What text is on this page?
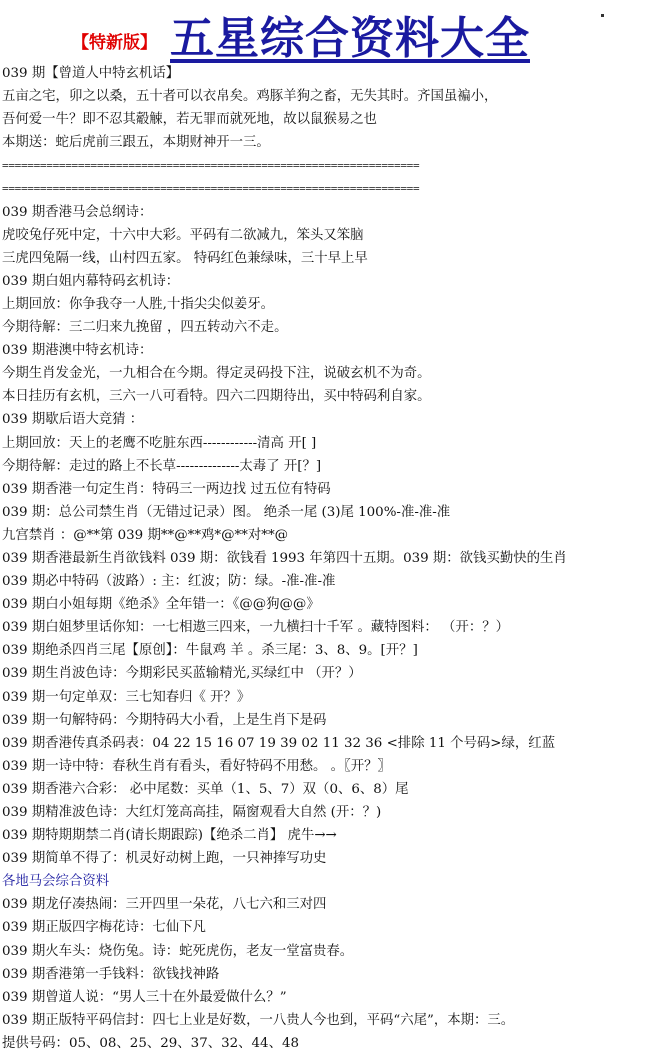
【特新版】 五星综合资料大全
039 期【曾道人中特玄机话】
五亩之宅，卯之以桑，五十者可以衣帛矣。鸡豚羊狗之畜，无失其时。齐国虽褊小，
吾何爱一牛？即不忍其觳觫，若无罪而就死地，故以鼠猴易之也
本期送：蛇后虎前三跟五，本期财神开一三。
==================================================================
==================================================================
039 期香港马会总纲诗：
虎咬兔仔死中定，十六中大彩。平码有二欲减九，笨头又笨脑
三虎四兔隔一线，山村四五家。 特码红色兼绿味，三十早上早
039 期白姐内幕特码玄机诗：
上期回放：你争我夺一人胜,十指尖尖似姜牙。
今期待解：三二归来九挽留 ，四五转动六不走。
039 期港澳中特玄机诗：
今期生肖发金光，一九相合在今期。得定灵码投下注，说破玄机不为奇。
本日挂历有玄机，三六一八可看特。四六二四期待出，买中特码利自家。
039 期歇后语大竞猜 ：
上期回放：天上的老鹰不吃脏东西------------清高 开[ ]
今期待解：走过的路上不长草--------------太毒了 开[？]
039 期香港一句定生肖：特码三一两边找 过五位有特码
039 期：总公司禁生肖（无错过记录）图。 绝杀一尾 (3)尾 100%-准-准-准
九宫禁肖 ：@**第 039 期**@**鸡*@**对**@
039 期香港最新生肖欲钱料 039 期：欲钱看 1993 年第四十五期。039 期：欲钱买勤快的生肖
039 期必中特码（波路）: 主：红波；防：绿。-准-准-准
039 期白小姐每期《绝杀》全年错一：《@@狗@@》
039 期白姐梦里话你知：一七相遨三四来，一九横扫十千军 。藏特图料： （开：？）
039 期绝杀四肖三尾【原创】：牛鼠鸡 羊 。杀三尾：3、8、9。[开？]
039 期生肖波色诗：今期彩民买蓝输精光,买绿红中 （开？）
039 期一句定单双：三七知春归《 开？》
039 期一句解特码：今期特码大小看，上是生肖下是码
039 期香港传真杀码表：04 22 15 16 07 19 39 02 11 32 36 <排除 11 个号码>绿，红蓝
039 期一诗中特：春秋生肖有看头，看好特码不用愁。 。〖开？〗
039 期香港六合彩： 必中尾数：买单（1、5、7）双（0、6、8）尾
039 期精准波色诗：大红灯笼高高挂，隔窗观看大自然 (开：？)
039 期特期期禁二肖(请长期跟踪)【绝杀二肖】 虎牛→→
039 期简单不得了：机灵好动树上跑，一只神捧写功史
各地马会综合资料
039 期龙仔凑热闹：三开四里一朵花，八七六和三对四
039 期正版四字梅花诗：七仙下凡
039 期火车头：烧伤兔。诗：蛇死虎伤，老友一堂富贵春。
039 期香港第一手钱料：欲钱找神路
039 期曾道人说：“男人三十在外最爱做什么？”
039 期正版特平码信封：四七上业是好数，一八贵人今也到，平码“六尾”，本期：三。
提供号码：05、08、25、29、37、32、44、48
